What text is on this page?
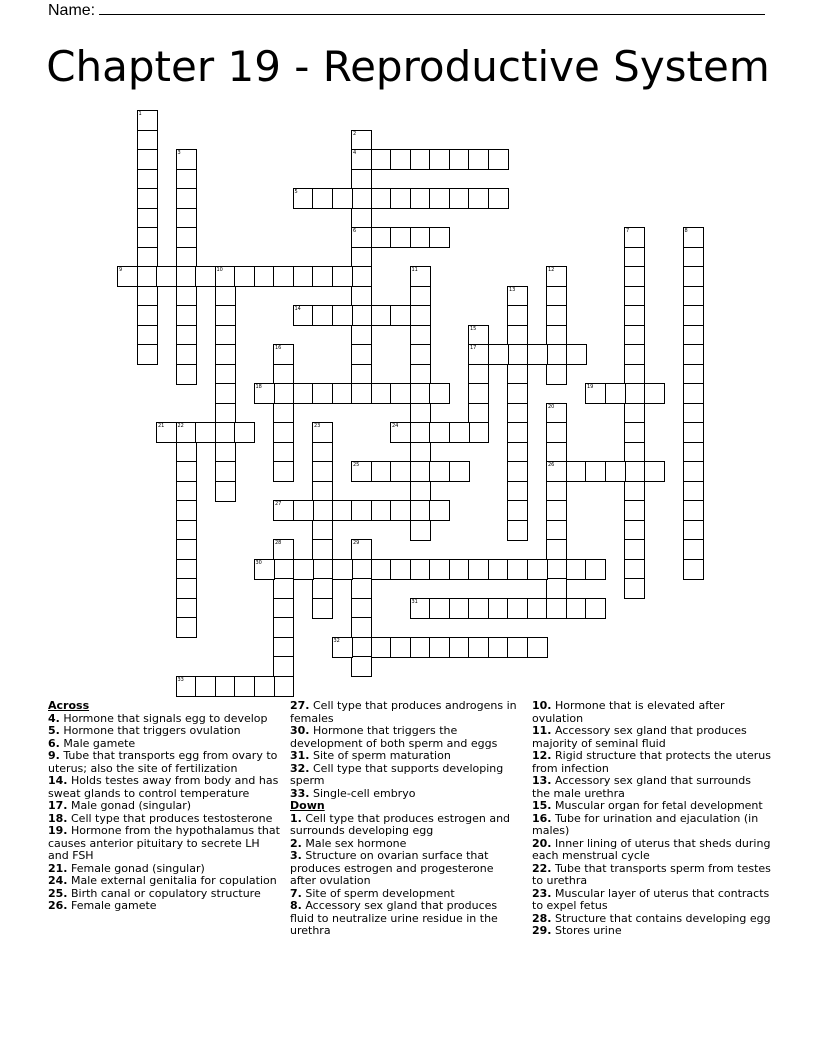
Name:
Chapter 19 - Reproductive System
1
2
4
6
3
5
7	8
9	10	11	12
13
14
15
17
16
18	19
20
26
21	22	23	24
25
27
28	29
30
31
32
33
Across
4. Hormone that signals egg to develop
5. Hormone that triggers ovulation
6. Male gamete
9. Tube that transports egg from ovary to uterus; also the site of fertilization
14. Holds testes away from body and has sweat glands to control temperature
17. Male gonad (singular)
18. Cell type that produces testosterone
19. Hormone from the hypothalamus that causes anterior pituitary to secrete LH and FSH
21. Female gonad (singular)
24. Male external genitalia for copulation
25. Birth canal or copulatory structure
26. Female gamete
27. Cell type that produces androgens in females
30. Hormone that triggers the development of both sperm and eggs
31. Site of sperm maturation
32. Cell type that supports developing sperm
33. Single-cell embryo
Down
1. Cell type that produces estrogen and surrounds developing egg
2. Male sex hormone
3. Structure on ovarian surface that produces estrogen and progesterone after ovulation
7. Site of sperm development
8. Accessory sex gland that produces fluid to neutralize urine residue in the urethra
10. Hormone that is elevated after ovulation
11. Accessory sex gland that produces majority of seminal fluid
12. Rigid structure that protects the uterus from infection
13. Accessory sex gland that surrounds the male urethra
15. Muscular organ for fetal development
16. Tube for urination and ejaculation (in males)
20. Inner lining of uterus that sheds during each menstrual cycle
22. Tube that transports sperm from testes to urethra
23. Muscular layer of uterus that contracts to expel fetus
28. Structure that contains developing egg
29. Stores urine
